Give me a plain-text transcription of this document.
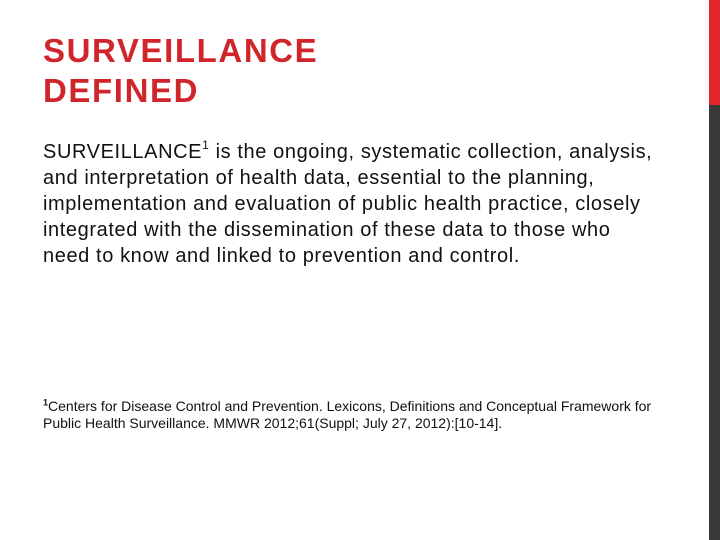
SURVEILLANCE
DEFINED

SURVEILLANCE$^1$ is the ongoing, systematic collection, analysis, and interpretation of health data, essential to the planning, implementation and evaluation of public health practice, closely integrated with the dissemination of these data to those who need to know and linked to prevention and control.

$^1$Centers for Disease Control and Prevention. Lexicons, Definitions and Conceptual Framework for Public Health Surveillance. MMWR 2012;61(Suppl; July 27, 2012):[10-14].
